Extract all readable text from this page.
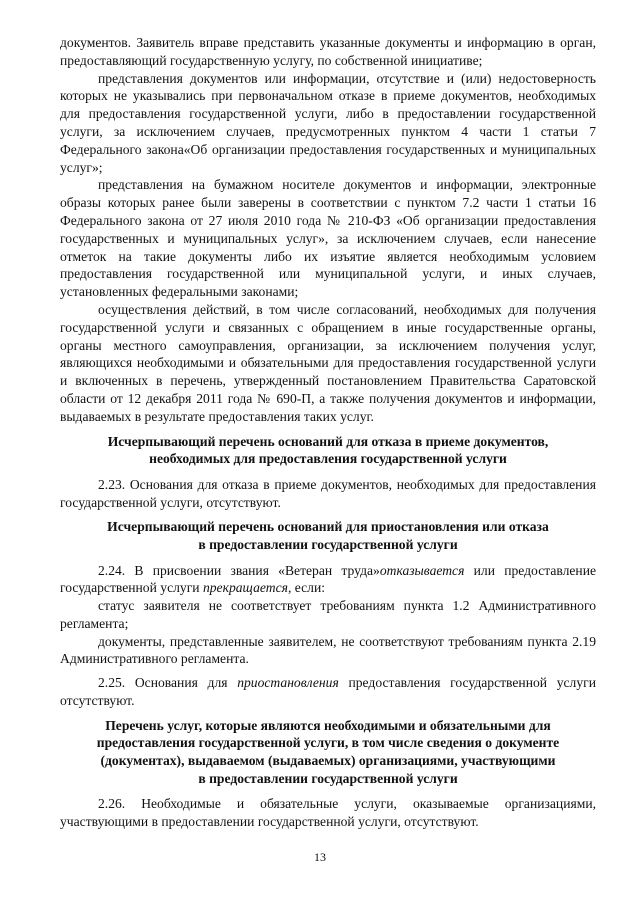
документов. Заявитель вправе представить указанные документы и информацию в орган, предоставляющий государственную услугу, по собственной инициативе;

представления документов или информации, отсутствие и (или) недостоверность которых не указывались при первоначальном отказе в приеме документов, необходимых для предоставления государственной услуги, либо в предоставлении государственной услуги, за исключением случаев, предусмотренных пунктом 4 части 1 статьи 7 Федерального закона«Об организации предоставления государственных и муниципальных услуг»;

представления на бумажном носителе документов и информации, электронные образы которых ранее были заверены в соответствии с пунктом 7.2 части 1 статьи 16 Федерального закона от 27 июля 2010 года № 210-ФЗ «Об организации предоставления государственных и муниципальных услуг», за исключением случаев, если нанесение отметок на такие документы либо их изъятие является необходимым условием предоставления государственной или муниципальной услуги, и иных случаев, установленных федеральными законами;

осуществления действий, в том числе согласований, необходимых для получения государственной услуги и связанных с обращением в иные государственные органы, органы местного самоуправления, организации, за исключением получения услуг, являющихся необходимыми и обязательными для предоставления государственной услуги и включенных в перечень, утвержденный постановлением Правительства Саратовской области от 12 декабря 2011 года № 690-П, а также получения документов и информации, выдаваемых в результате предоставления таких услуг.

Исчерпывающий перечень оснований для отказа в приеме документов,
необходимых для предоставления государственной услуги

2.23. Основания для отказа в приеме документов, необходимых для предоставления государственной услуги, отсутствуют.

Исчерпывающий перечень оснований для приостановления или отказа
в предоставлении государственной услуги

2.24. В присвоении звания «Ветеран труда»отказывается или предоставление государственной услуги прекращается, если:

статус заявителя не соответствует требованиям пункта 1.2 Административного регламента;

документы, представленные заявителем, не соответствуют требованиям пункта 2.19 Административного регламента.

2.25. Основания для приостановления предоставления государственной услуги отсутствуют.

Перечень услуг, которые являются необходимыми и обязательными для
предоставления государственной услуги, в том числе сведения о документе
(документах), выдаваемом (выдаваемых) организациями, участвующими
в предоставлении государственной услуги

2.26. Необходимые и обязательные услуги, оказываемые организациями, участвующими в предоставлении государственной услуги, отсутствуют.

13
